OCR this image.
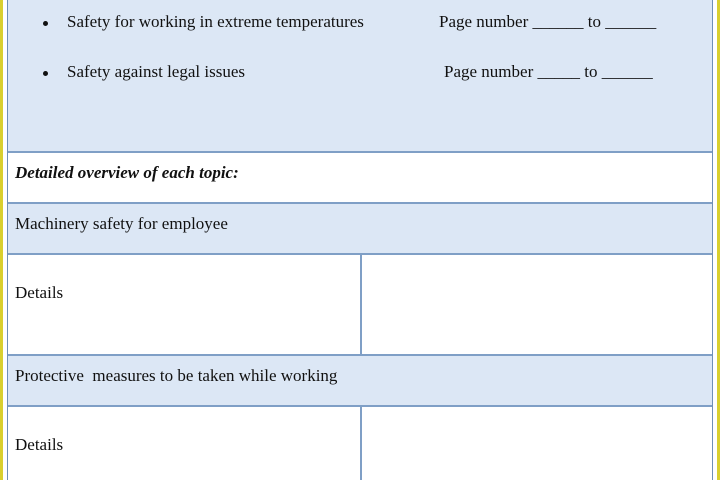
Safety for working in extreme temperatures	Page number ______ to ______
Safety against legal issues	Page number _____ to ______
Detailed overview of each topic:
Machinery safety for employee
Details
Protective  measures to be taken while working
Details
